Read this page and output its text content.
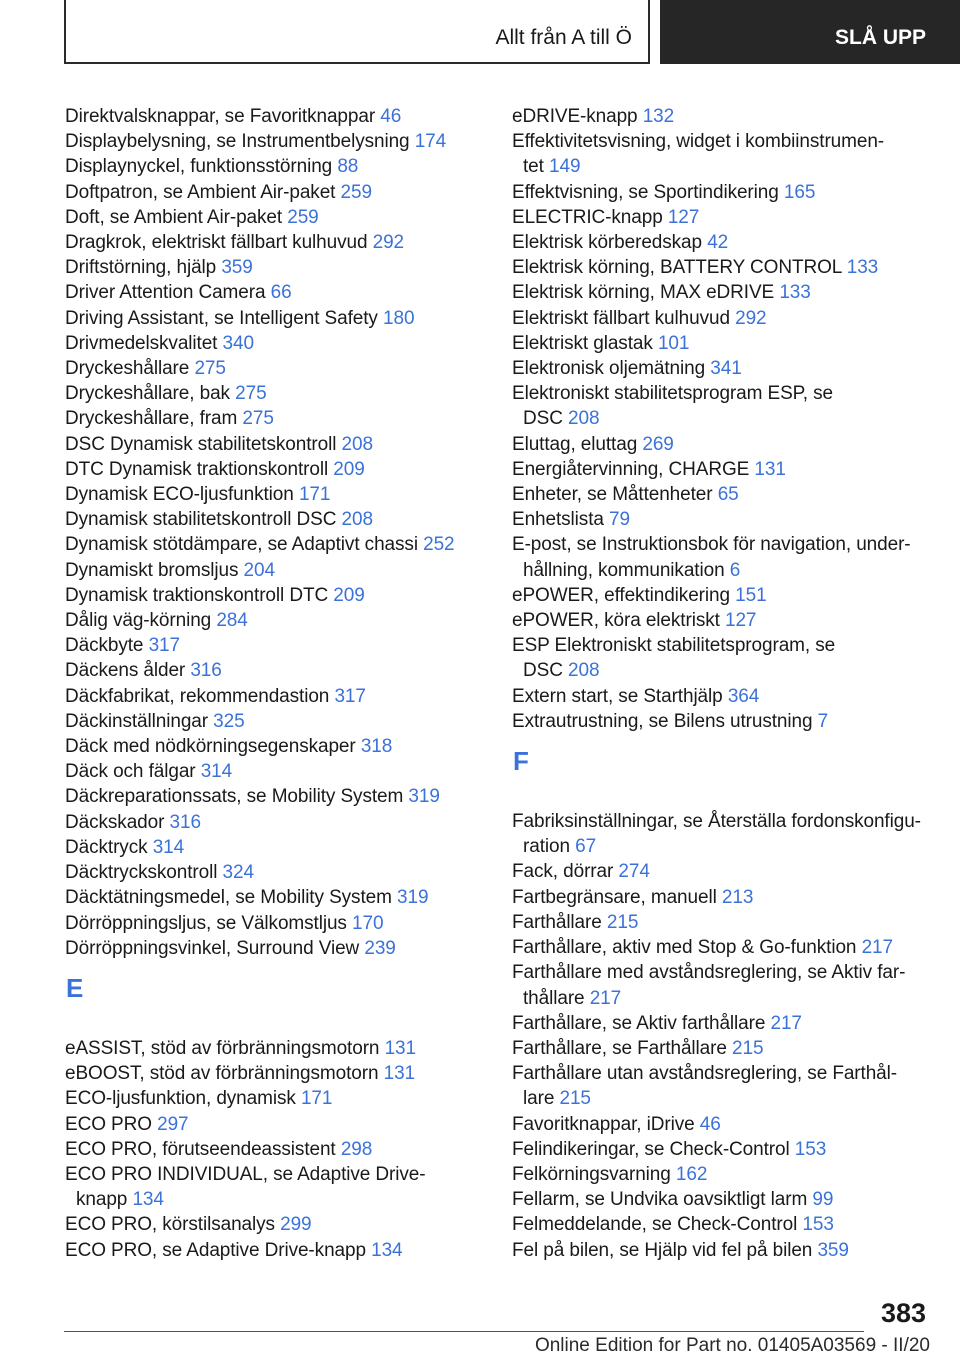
Allt från A till Ö	SLÅ UPP
Direktvalsknappar, se Favoritknappar 46
Displaybelysning, se Instrumentbelysning 174
Displaynyckel, funktionsstörning 88
Doftpatron, se Ambient Air-paket 259
Doft, se Ambient Air-paket 259
Dragkrok, elektriskt fällbart kulhuvud 292
Driftstörning, hjälp 359
Driver Attention Camera 66
Driving Assistant, se Intelligent Safety 180
Drivmedelskvalitet 340
Dryckeshållare 275
Dryckeshållare, bak 275
Dryckeshållare, fram 275
DSC Dynamisk stabilitetskontroll 208
DTC Dynamisk traktionskontroll 209
Dynamisk ECO-ljusfunktion 171
Dynamisk stabilitetskontroll DSC 208
Dynamisk stötdämpare, se Adaptivt chassi 252
Dynamiskt bromsljus 204
Dynamisk traktionskontroll DTC 209
Dålig väg-körning 284
Däckbyte 317
Däckens ålder 316
Däckfabrikat, rekommendastion 317
Däckinställningar 325
Däck med nödkörningsegenskaper 318
Däck och fälgar 314
Däckreparationssats, se Mobility System 319
Däckskador 316
Däcktryck 314
Däcktryckskontroll 324
Däcktätningsmedel, se Mobility System 319
Dörröppningsljus, se Välkomstljus 170
Dörröppningsvinkel, Surround View 239
E
eASSIST, stöd av förbränningsmotorn 131
eBOOST, stöd av förbränningsmotorn 131
ECO-ljusfunktion, dynamisk 171
ECO PRO 297
ECO PRO, förutseendeassistent 298
ECO PRO INDIVIDUAL, se Adaptive Drive-
knapp 134
ECO PRO, körstilsanalys 299
ECO PRO, se Adaptive Drive-knapp 134
eDRIVE-knapp 132
Effektivitetsvisning, widget i kombiinstrumen-
tet 149
Effektvisning, se Sportindikering 165
ELECTRIC-knapp 127
Elektrisk körberedskap 42
Elektrisk körning, BATTERY CONTROL 133
Elektrisk körning, MAX eDRIVE 133
Elektriskt fällbart kulhuvud 292
Elektriskt glastak 101
Elektronisk oljemätning 341
Elektroniskt stabilitetsprogram ESP, se
DSC 208
Eluttag, eluttag 269
Energiåtervinning, CHARGE 131
Enheter, se Måttenheter 65
Enhetslista 79
E-post, se Instruktionsbok för navigation, under-
hållning, kommunikation 6
ePOWER, effektindikering 151
ePOWER, köra elektriskt 127
ESP Elektroniskt stabilitetsprogram, se
DSC 208
Extern start, se Starthjälp 364
Extrautrustning, se Bilens utrustning 7
F
Fabriksinställningar, se Återställa fordonskonfigu-
ration 67
Fack, dörrar 274
Fartbegränsare, manuell 213
Farthållare 215
Farthållare, aktiv med Stop & Go-funktion 217
Farthållare med avståndsreglering, se Aktiv far-
thållare 217
Farthållare, se Aktiv farthållare 217
Farthållare, se Farthållare 215
Farthållare utan avståndsreglering, se Farthål-
lare 215
Favoritknappar, iDrive 46
Felindikeringar, se Check-Control 153
Felkörningsvarning 162
Fellarm, se Undvika oavsiktligt larm 99
Felmeddelande, se Check-Control 153
Fel på bilen, se Hjälp vid fel på bilen 359
383
Online Edition for Part no. 01405A03569 - II/20
